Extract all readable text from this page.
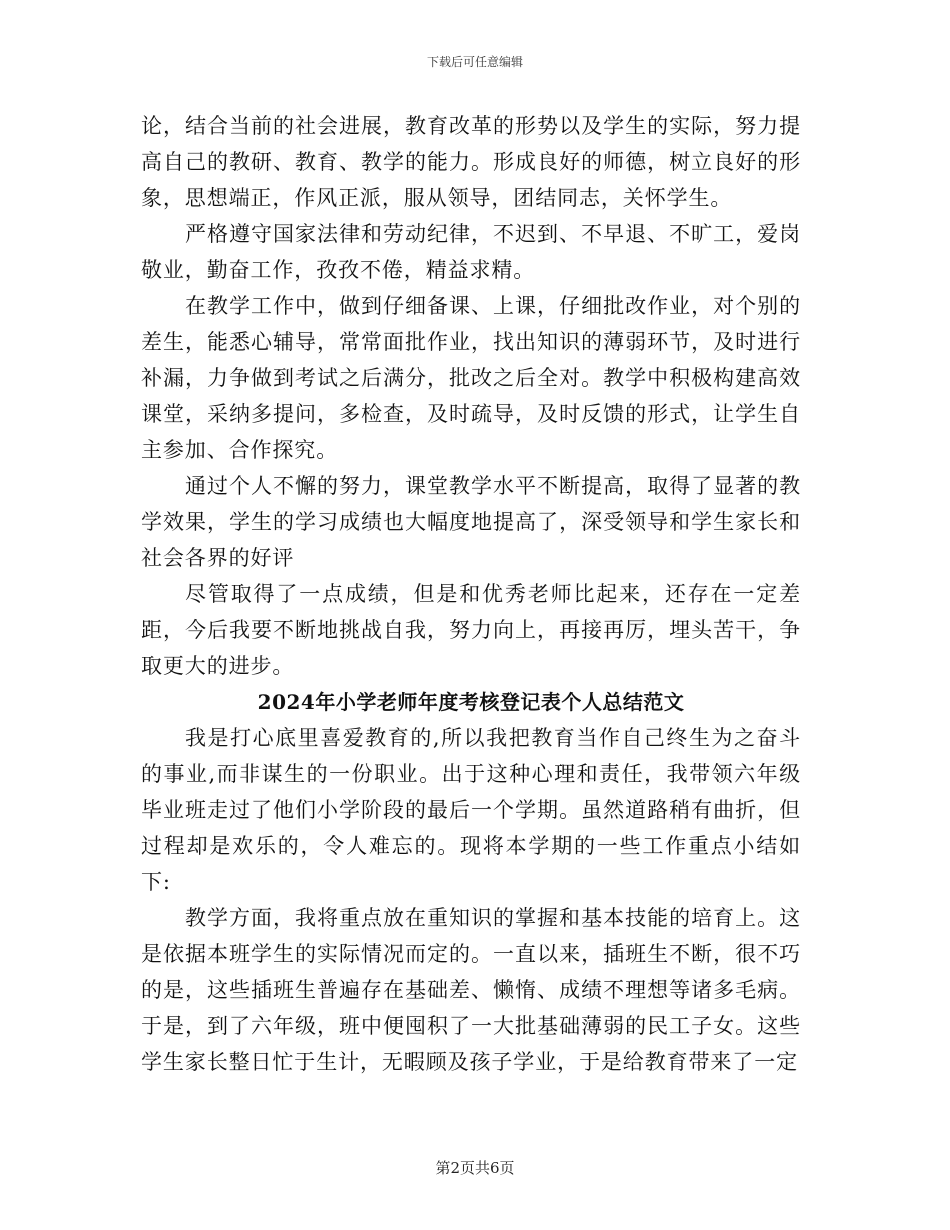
下载后可任意编辑

论，结合当前的社会进展，教育改革的形势以及学生的实际，努力提高自己的教研、教育、教学的能力。形成良好的师德，树立良好的形象，思想端正，作风正派，服从领导，团结同志，关怀学生。

严格遵守国家法律和劳动纪律，不迟到、不早退、不旷工，爱岗敬业，勤奋工作，孜孜不倦，精益求精。

在教学工作中，做到仔细备课、上课，仔细批改作业，对个别的差生，能悉心辅导，常常面批作业，找出知识的薄弱环节，及时进行补漏，力争做到考试之后满分，批改之后全对。教学中积极构建高效课堂，采纳多提问，多检查，及时疏导，及时反馈的形式，让学生自主参加、合作探究。

通过个人不懈的努力，课堂教学水平不断提高，取得了显著的教学效果，学生的学习成绩也大幅度地提高了，深受领导和学生家长和社会各界的好评

尽管取得了一点成绩，但是和优秀老师比起来，还存在一定差距，今后我要不断地挑战自我，努力向上，再接再厉，埋头苦干，争取更大的进步。

2024年小学老师年度考核登记表个人总结范文

我是打心底里喜爱教育的,所以我把教育当作自己终生为之奋斗的事业,而非谋生的一份职业。出于这种心理和责任，我带领六年级毕业班走过了他们小学阶段的最后一个学期。虽然道路稍有曲折，但过程却是欢乐的，令人难忘的。现将本学期的一些工作重点小结如下:

教学方面，我将重点放在重知识的掌握和基本技能的培育上。这是依据本班学生的实际情况而定的。一直以来，插班生不断，很不巧的是，这些插班生普遍存在基础差、懒惰、成绩不理想等诸多毛病。于是，到了六年级，班中便囤积了一大批基础薄弱的民工子女。这些学生家长整日忙于生计，无暇顾及孩子学业，于是给教育带来了一定

第2页共6页
